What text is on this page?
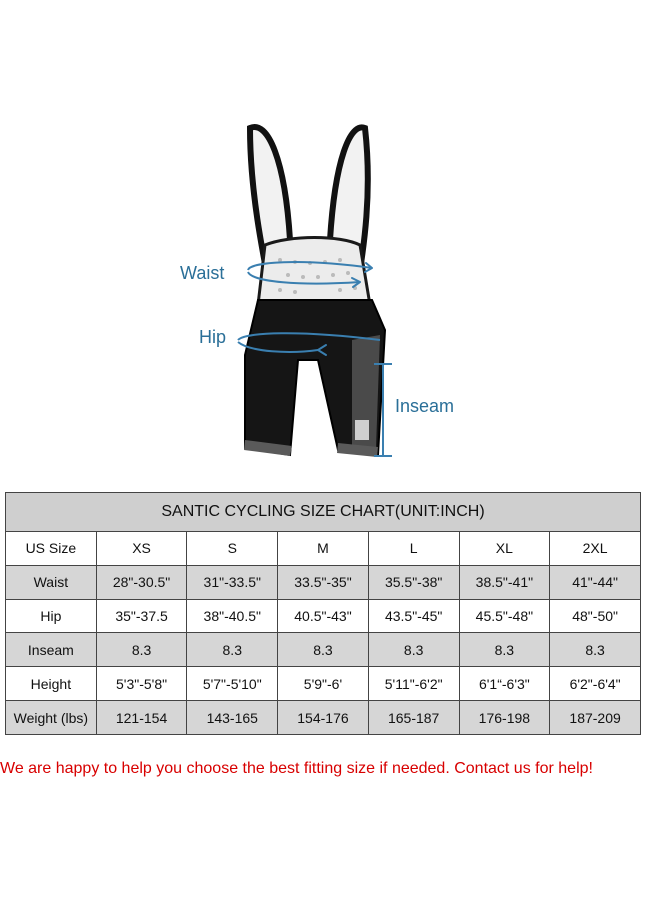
Waist
Hip
Inseam
SANTIC CYCLING SIZE CHART(UNIT:INCH)						
US Size	XS	S	M	L	XL	2XL
Waist	28"-30.5"	31"-33.5"	33.5"-35"	35.5"-38"	38.5"-41"	41"-44"
Hip	35"-37.5	38"-40.5"	40.5"-43"	43.5"-45"	45.5"-48"	48"-50"
Inseam	8.3	8.3	8.3	8.3	8.3	8.3
Height	5'3"-5'8"	5'7"-5'10"	5'9"-6'	5'11"-6'2"	6'1“-6'3"	6'2"-6'4"
Weight (lbs)	121-154	143-165	154-176	165-187	176-198	187-209
We are happy to help you choose the best fitting size if needed. Contact us for help!
